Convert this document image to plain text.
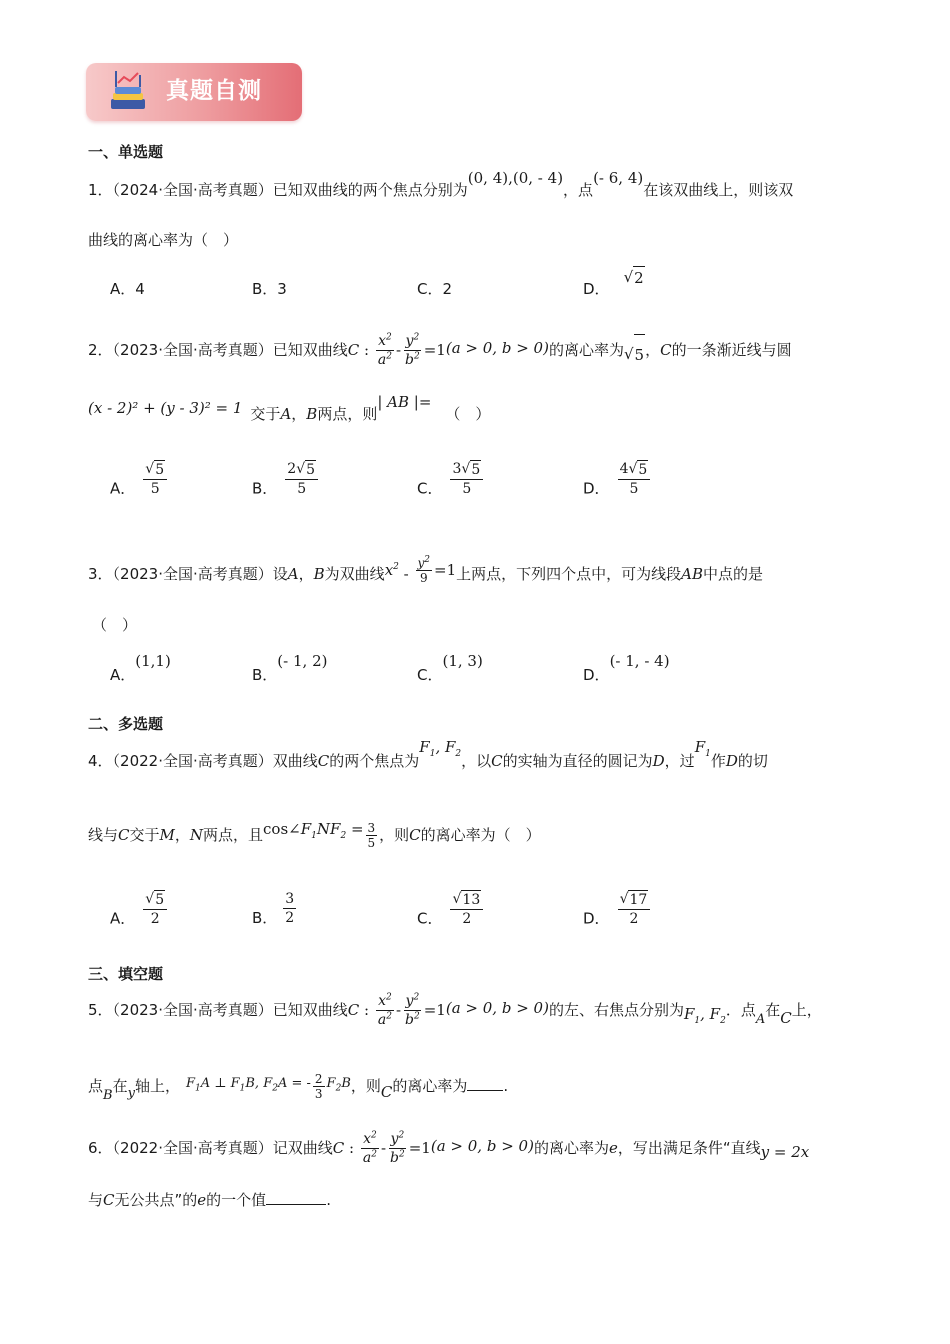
真题自测
一、单选题
1．（2024·全国·高考真题）已知双曲线的两个焦点分别为(0, 4),(0, - 4)，点(- 6, 4)在该双曲线上，则该双
曲线的离心率为（　）
A．4	B．3	C．2	D．
√ 2
2．（2023·全国·高考真题）已知双曲线C : $\frac{x^2}{a^2} - \frac{y^2}{b^2} =1(a > 0$, b > 0)的离心率为 √ 5 ，C的一条渐近线与圆
(x - 2)² + (y - 3)² = 1 交于A，B两点，则| AB |=（　）
A． $\frac{√ 5}{5}$	B． $\frac{2 √ 5}{5}$	C． $\frac{3 √ 5}{5}$	D． $\frac{4 √ 5}{5}$
3．（2023·全国·高考真题）设A，B为双曲线$x^2 - \frac{y^2}{9} =1$上两点，下列四个点中，可为线段AB中点的是
（　）
A．(1,1)
B．(- 1, 2)
C．(1, 3)
D．(- 1, - 4)
二、多选题
4．（2022·全国·高考真题）双曲线C的两个焦点为$F_1$, $F_2$，以C的实轴为直径的圆记为D，过$F_1$作D的切
线与C交于M，N两点，且$\cos\angle F_1NF_2 = \frac{3}{5}$ ，则C的离心率为（　）
A． $\frac{√ 5}{2}$	B． $\frac{3}{2}$	C． $\frac{√ 13}{2}$	D． $\frac{√ 17}{2}$
三、填空题
5．（2023·全国·高考真题）已知双曲线C : $\frac{x^2}{a^2} - \frac{y^2}{b^2} =1(a > 0$, b > 0)的左、右焦点分别为$F_1$, $F_2$．点A在C上，
点B在y轴上， $F_1A$ ⊥ $F_1B$, $F_2A$ = - $\frac{2}{3} F_2B$，则C的离心率为 .
6．（2022·全国·高考真题）记双曲线C : $\frac{x^2}{a^2} - \frac{y^2}{b^2} =1(a > 0$, b > 0)的离心率为e，写出满足条件“直线y = 2x
与C无公共点”的e的一个值	.
